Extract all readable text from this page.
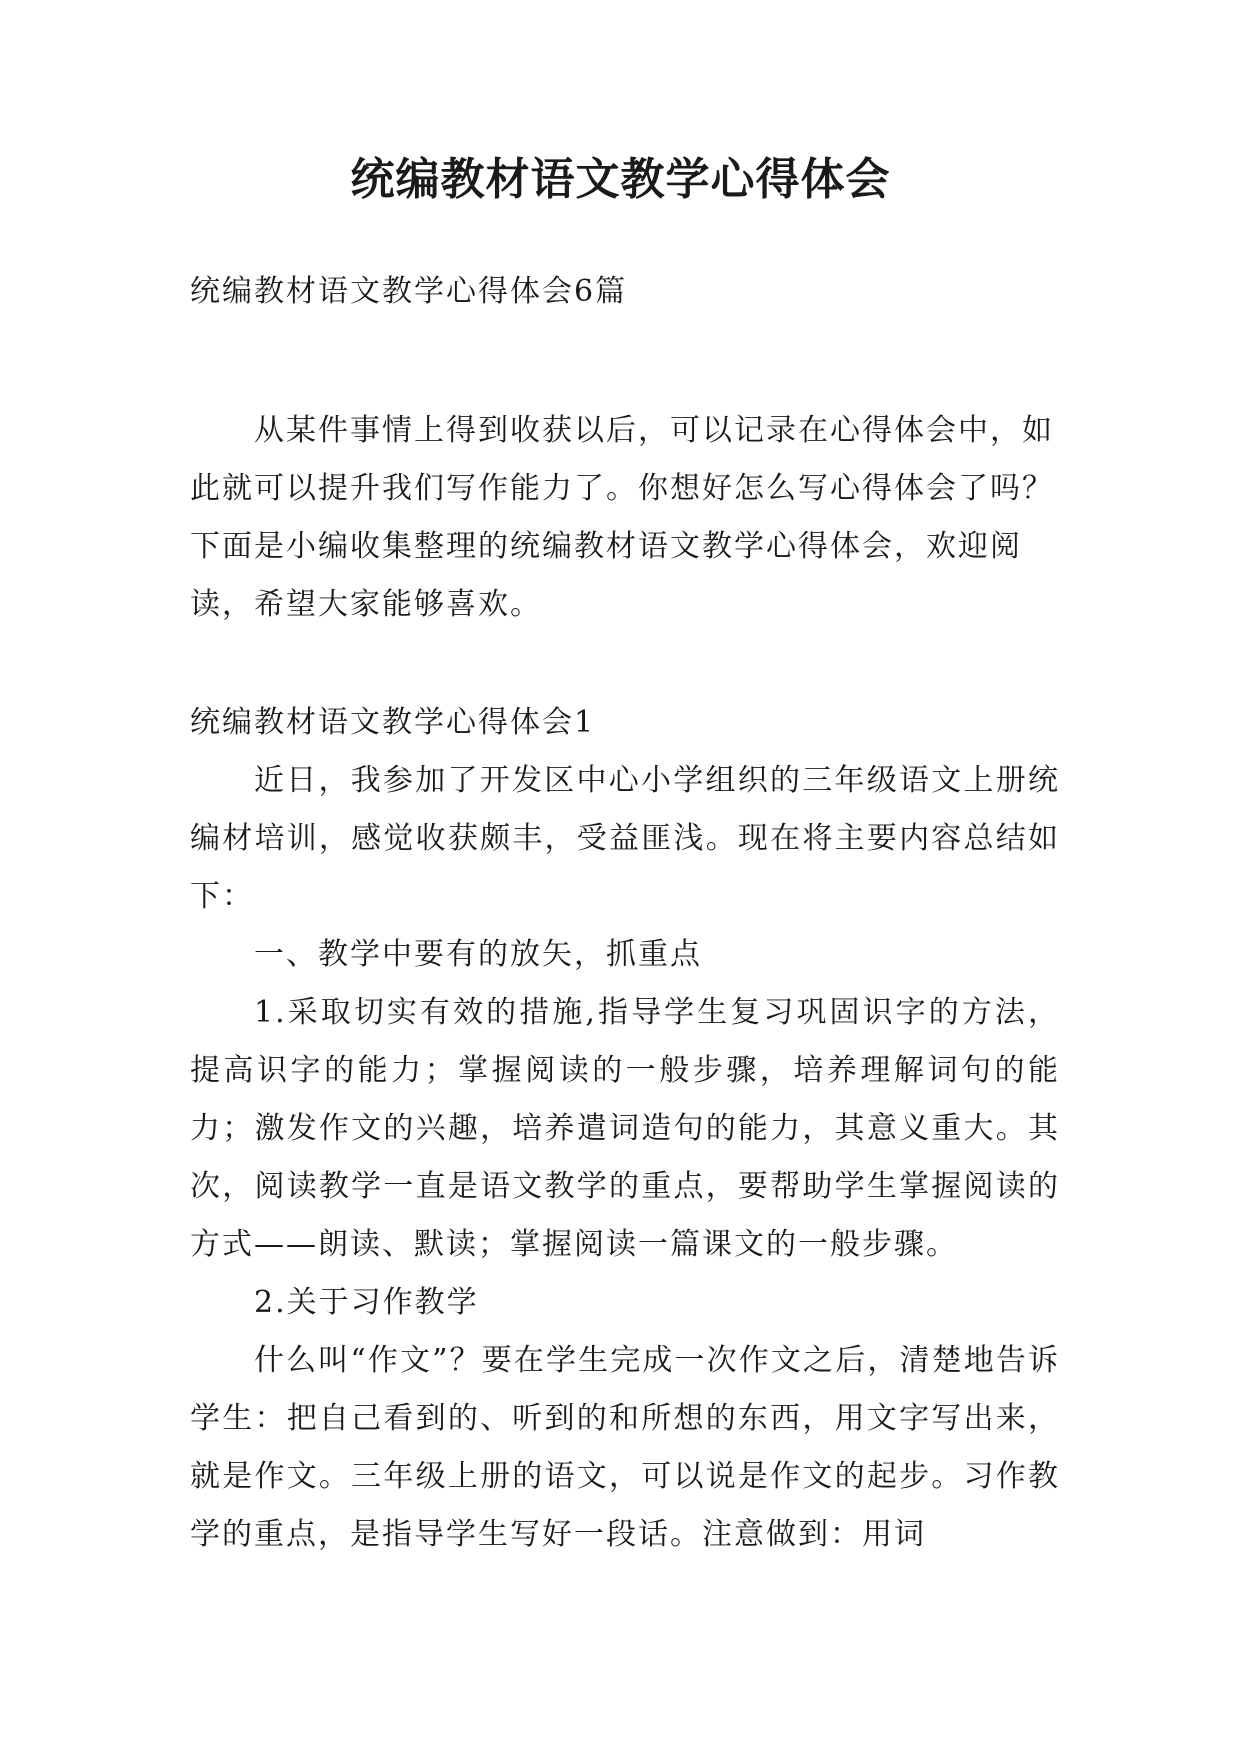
统编教材语文教学心得体会

统编教材语文教学心得体会6篇

从某件事情上得到收获以后，可以记录在心得体会中，如此就可以提升我们写作能力了。你想好怎么写心得体会了吗？下面是小编收集整理的统编教材语文教学心得体会，欢迎阅读，希望大家能够喜欢。

统编教材语文教学心得体会1

近日，我参加了开发区中心小学组织的三年级语文上册统编材培训，感觉收获颇丰，受益匪浅。现在将主要内容总结如下：

一、教学中要有的放矢，抓重点

1.采取切实有效的措施,指导学生复习巩固识字的方法，提高识字的能力；掌握阅读的一般步骤，培养理解词句的能力；激发作文的兴趣，培养遣词造句的能力，其意义重大。其次，阅读教学一直是语文教学的重点，要帮助学生掌握阅读的方式——朗读、默读；掌握阅读一篇课文的一般步骤。

2.关于习作教学

什么叫“作文”？要在学生完成一次作文之后，清楚地告诉学生：把自己看到的、听到的和所想的东西，用文字写出来，就是作文。三年级上册的语文，可以说是作文的起步。习作教学的重点，是指导学生写好一段话。注意做到：用词
